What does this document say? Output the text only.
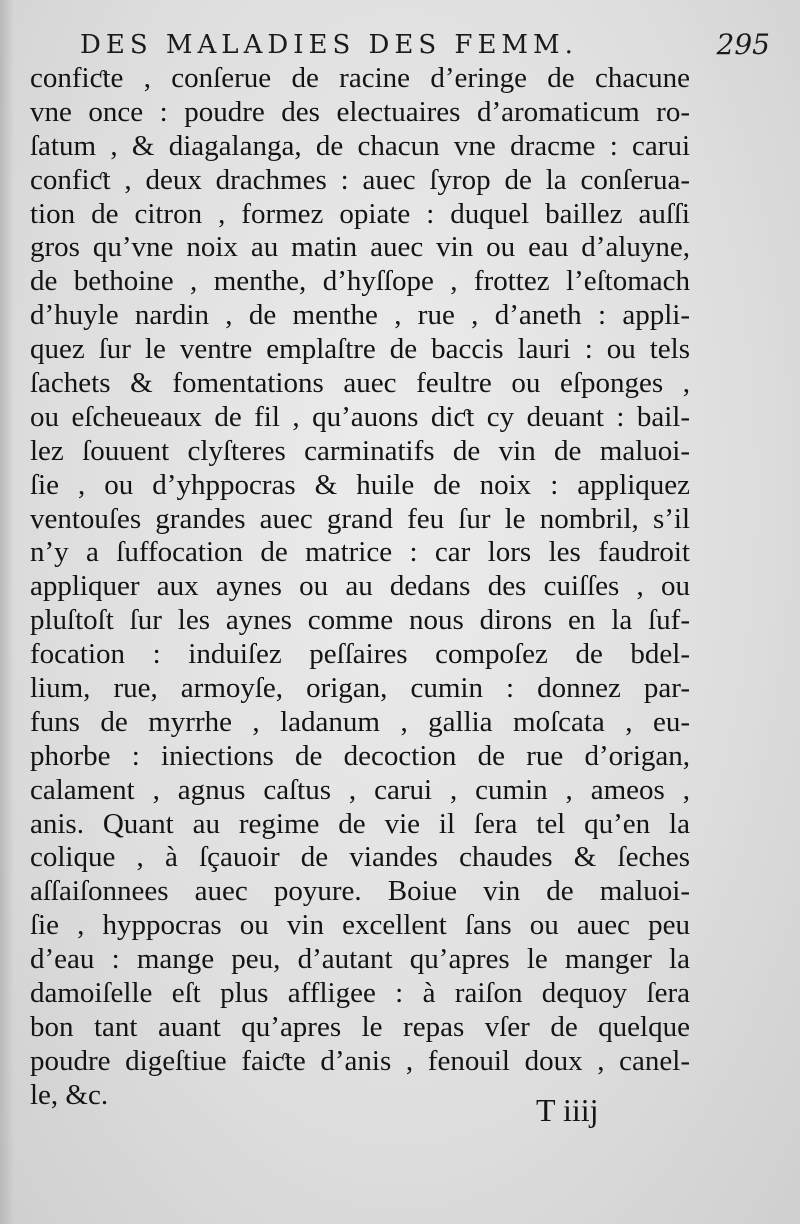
DES MALADIES DES FEMM.	295
confiƈte , conſerue de racine d’eringe de chacune
vne once : poudre des electuaires d’aromaticum ro-
ſatum , & diagalanga, de chacun vne dracme : carui
confiƈt , deux drachmes : auec ſyrop de la conſerua-
tion de citron , formez opiate : duquel baillez auſſi
gros qu’vne noix au matin auec vin ou eau d’aluyne,
de bethoine , menthe, d’hyſſope , frottez l’eſtomach
d’huyle nardin , de menthe , rue , d’aneth : appli-
quez ſur le ventre emplaſtre de baccis lauri : ou tels
ſachets & fomentations auec feultre ou eſponges ,
ou eſcheueaux de fil , qu’auons diƈt cy deuant : bail-
lez ſouuent clyſteres carminatifs de vin de maluoi-
ſie , ou d’yhppocras & huile de noix : appliquez
ventouſes grandes auec grand feu ſur le nombril, s’il
n’y a ſuffocation de matrice : car lors les faudroit
appliquer aux aynes ou au dedans des cuiſſes , ou
pluſtoſt ſur les aynes comme nous dirons en la ſuf-
focation : induiſez peſſaires compoſez de bdel-
lium, rue, armoyſe, origan, cumin : donnez par-
funs de myrrhe , ladanum , gallia moſcata , eu-
phorbe : iniections de decoction de rue d’origan,
calament , agnus caſtus , carui , cumin , ameos ,
anis. Quant au regime de vie il ſera tel qu’en la
colique , à ſçauoir de viandes chaudes & ſeches
aſſaiſonnees auec poyure. Boiue vin de maluoi-
ſie , hyppocras ou vin excellent ſans ou auec peu
d’eau : mange peu, d’autant qu’apres le manger la
damoiſelle eſt plus affligee : à raiſon dequoy ſera
bon tant auant qu’apres le repas vſer de quelque
poudre digeſtiue faiƈte d’anis , fenouil doux , canel-
le, &c.	T iiij
